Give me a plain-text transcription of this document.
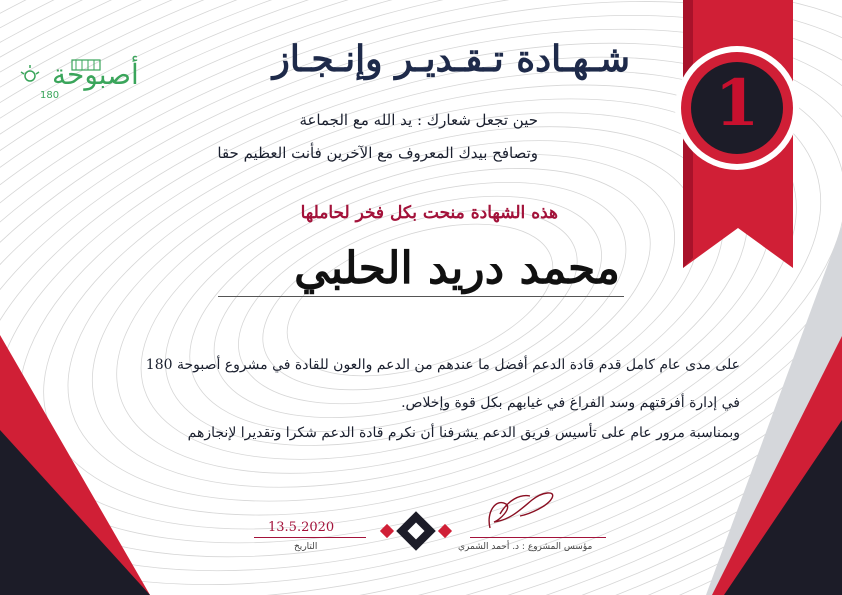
أصبوحة
180
شـهـادة تـقـديـر وإنـجـاز
حين تجعل شعارك : يد الله مع الجماعة
وتصافح بيدك المعروف مع الآخرين فأنت العظيم حقا
هذه الشهادة منحت بكل فخر لحاملها
محمد دريد الحلبي
على مدى عام كامل قدم قادة الدعم أفضل ما عندهم من الدعم والعون للقادة في مشروع أصبوحة 180
في إدارة أفرقتهم وسد الفراغ في غيابهم بكل قوة وإخلاص.
وبمناسبة مرور عام على تأسيس فريق الدعم يشرفنا أن نكرم قادة الدعم شكرا وتقديرا لإنجازهم
1
13.5.2020
التاريخ	مؤسس المشروع : د. أحمد الشمري
